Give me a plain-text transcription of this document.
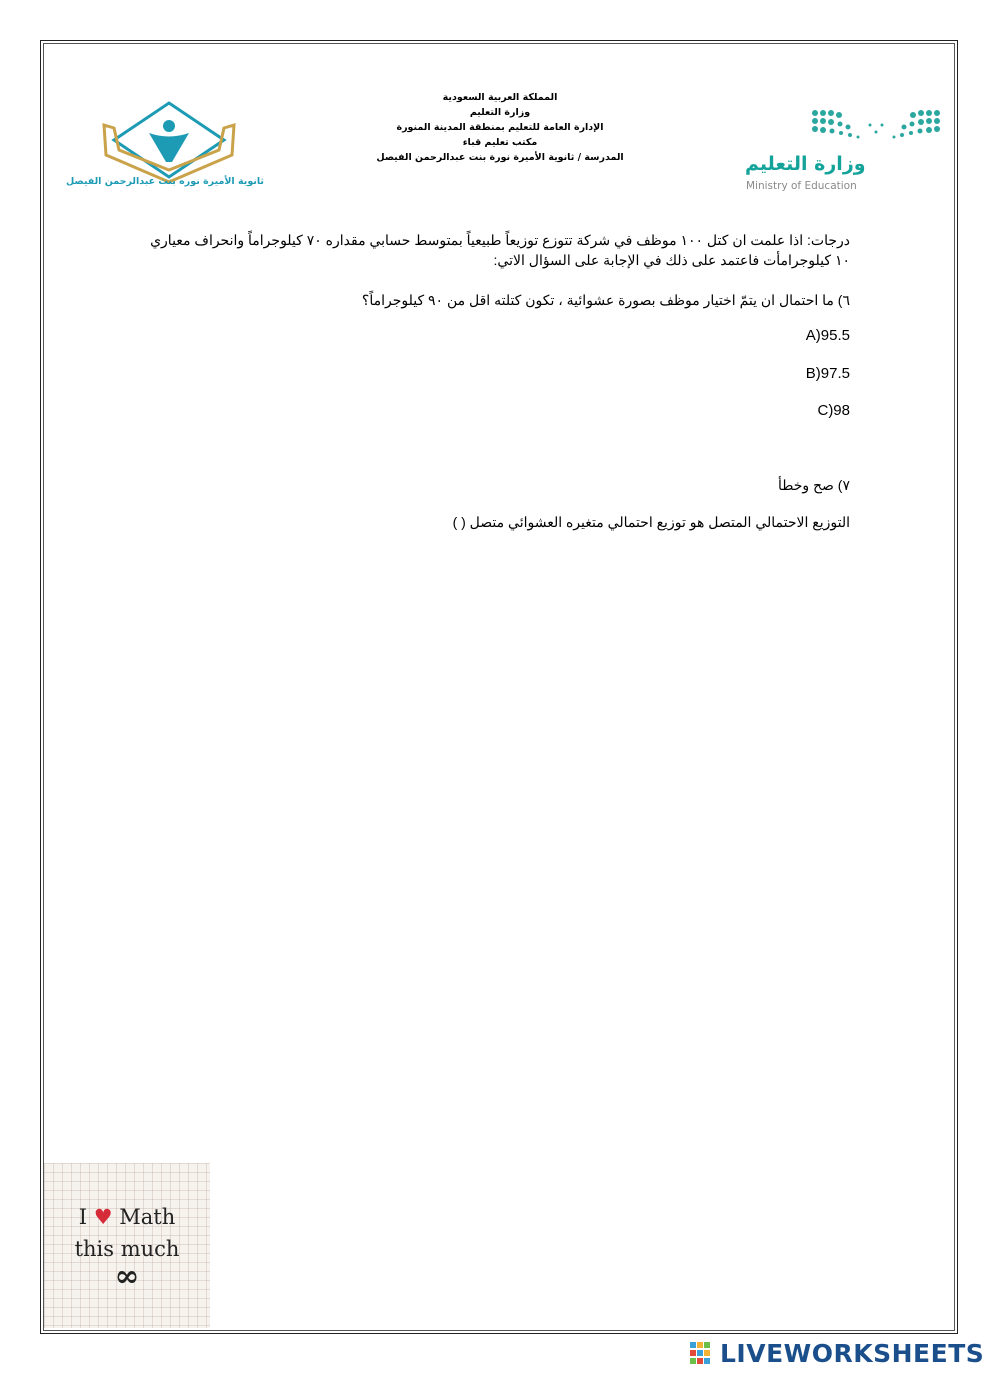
ثانوية الأميرة نوره بنت عبدالرحمن الفيصل
المملكة العربية السعودية
وزارة التعليم
الإدارة العامة للتعليم بمنطقة المدينة المنورة
مكتب تعليم قباء
المدرسة / ثانوية الأميرة نورة بنت عبدالرحمن الفيصل	وزارة التعليم
Ministry of Education
درجات: اذا علمت ان كتل ١٠٠ موظف في شركة تتوزع توزيعاً طبيعياً بمتوسط حسابي مقداره ٧٠ كيلوجراماً وانحراف معياري ١٠ كيلوجرامأت فاعتمد على ذلك في الإجابة على السؤال الاتي:
٦) ما احتمال ان يتمّ اختيار موظف بصورة عشوائية ، تكون كتلته اقل من ٩٠ كيلوجراماً؟
A)95.5
B)97.5
C)98
٧) صح وخطأ
التوزيع الاحتمالي المتصل هو توزيع احتمالي متغيره العشوائي متصل ( )
I ♥ Math
this much
∞
LIVEWORKSHEETS
